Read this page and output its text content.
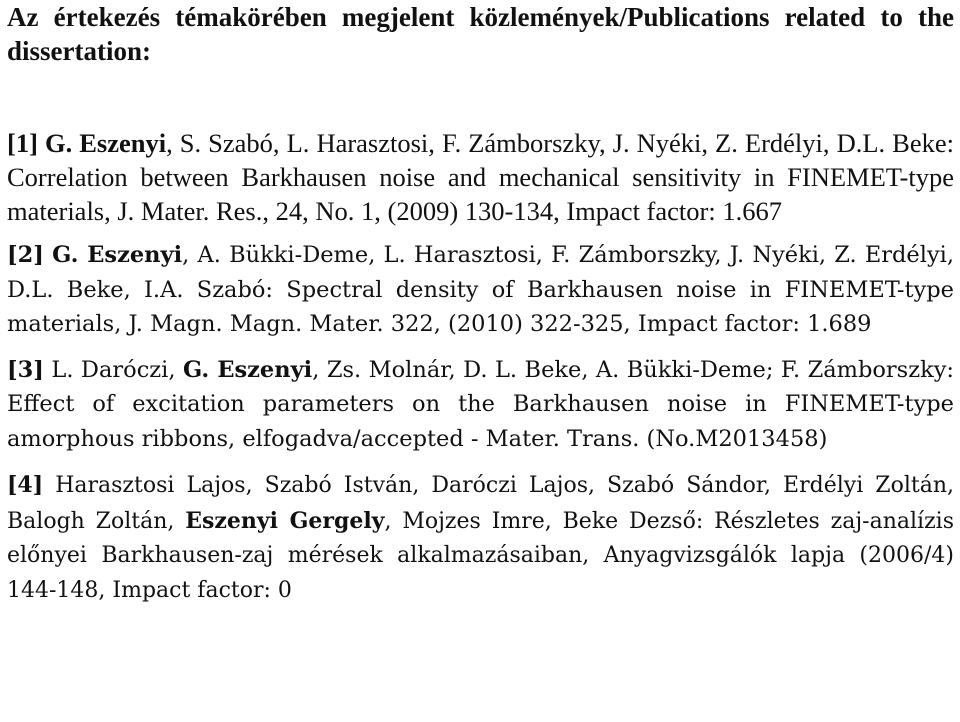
Az értekezés témakörében megjelent közlemények/Publications related to the dissertation:

[1] G. Eszenyi, S. Szabó, L. Harasztosi, F. Zámborszky, J. Nyéki, Z. Erdélyi, D.L. Beke: Correlation between Barkhausen noise and mechanical sensitivity in FINEMET-type materials, J. Mater. Res., 24, No. 1, (2009) 130-134, Impact factor: 1.667

[2] G. Eszenyi, A. Bükki-Deme, L. Harasztosi, F. Zámborszky, J. Nyéki, Z. Erdélyi, D.L. Beke, I.A. Szabó: Spectral density of Barkhausen noise in FINEMET-type materials, J. Magn. Magn. Mater. 322, (2010) 322-325, Impact factor: 1.689

[3] L. Daróczi, G. Eszenyi, Zs. Molnár, D. L. Beke, A. Bükki-Deme; F. Zámborszky: Effect of excitation parameters on the Barkhausen noise in FINEMET-type amorphous ribbons, elfogadva/accepted - Mater. Trans. (No.M2013458)

[4] Harasztosi Lajos, Szabó István, Daróczi Lajos, Szabó Sándor, Erdélyi Zoltán, Balogh Zoltán, Eszenyi Gergely, Mojzes Imre, Beke Dezső: Részletes zaj-analízis előnyei Barkhausen-zaj mérések alkalmazásaiban, Anyagvizsgálók lapja (2006/4) 144-148, Impact factor: 0
